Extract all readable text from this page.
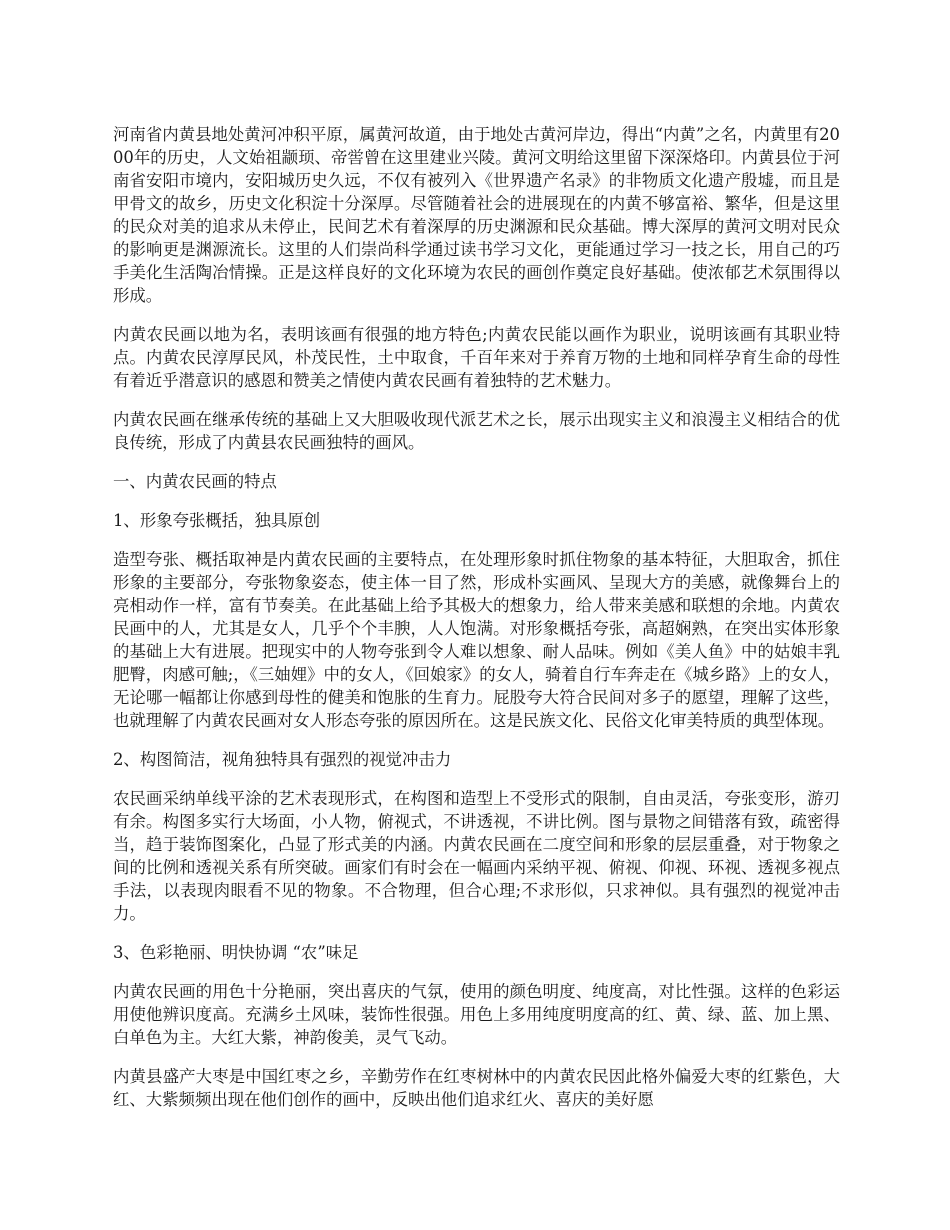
河南省内黄县地处黄河冲积平原，属黄河故道，由于地处古黄河岸边，得出“内黄”之名，内黄里有2000年的历史，人文始祖颛顼、帝喾曾在这里建业兴陵。黄河文明给这里留下深深烙印。内黄县位于河南省安阳市境内，安阳城历史久远，不仅有被列入《世界遗产名录》的非物质文化遗产殷墟，而且是甲骨文的故乡，历史文化积淀十分深厚。尽管随着社会的进展现在的内黄不够富裕、繁华，但是这里的民众对美的追求从未停止，民间艺术有着深厚的历史渊源和民众基础。博大深厚的黄河文明对民众的影响更是渊源流长。这里的人们崇尚科学通过读书学习文化，更能通过学习一技之长，用自己的巧手美化生活陶冶情操。正是这样良好的文化环境为农民的画创作奠定良好基础。使浓郁艺术氛围得以形成。

内黄农民画以地为名，表明该画有很强的地方特色;内黄农民能以画作为职业，说明该画有其职业特点。内黄农民淳厚民风，朴茂民性，土中取食，千百年来对于养育万物的土地和同样孕育生命的母性有着近乎潜意识的感恩和赞美之情使内黄农民画有着独特的艺术魅力。

内黄农民画在继承传统的基础上又大胆吸收现代派艺术之长，展示出现实主义和浪漫主义相结合的优良传统，形成了内黄县农民画独特的画风。

一、内黄农民画的特点

1、形象夸张概括，独具原创

造型夸张、概括取神是内黄农民画的主要特点，在处理形象时抓住物象的基本特征，大胆取舍，抓住形象的主要部分，夸张物象姿态，使主体一目了然，形成朴实画风、呈现大方的美感，就像舞台上的亮相动作一样，富有节奏美。在此基础上给予其极大的想象力，给人带来美感和联想的余地。内黄农民画中的人，尤其是女人，几乎个个丰腴，人人饱满。对形象概括夸张，高超娴熟，在突出实体形象的基础上大有进展。把现实中的人物夸张到令人难以想象、耐人品味。例如《美人鱼》中的姑娘丰乳肥臀，肉感可触;，《三妯娌》中的女人，《回娘家》的女人，骑着自行车奔走在《城乡路》上的女人，无论哪一幅都让你感到母性的健美和饱胀的生育力。屁股夸大符合民间对多子的愿望，理解了这些，也就理解了内黄农民画对女人形态夸张的原因所在。这是民族文化、民俗文化审美特质的典型体现。

2、构图简洁，视角独特具有强烈的视觉冲击力

农民画采纳单线平涂的艺术表现形式，在构图和造型上不受形式的限制，自由灵活，夸张变形，游刃有余。构图多实行大场面，小人物，俯视式，不讲透视，不讲比例。图与景物之间错落有致，疏密得当，趋于装饰图案化，凸显了形式美的内涵。内黄农民画在二度空间和形象的层层重叠，对于物象之间的比例和透视关系有所突破。画家们有时会在一幅画内采纳平视、俯视、仰视、环视、透视多视点手法，以表现肉眼看不见的物象。不合物理，但合心理;不求形似，只求神似。具有强烈的视觉冲击力。

3、色彩艳丽、明快协调 “农”味足

内黄农民画的用色十分艳丽，突出喜庆的气氛，使用的颜色明度、纯度高，对比性强。这样的色彩运用使他辨识度高。充满乡土风味，装饰性很强。用色上多用纯度明度高的红、黄、绿、蓝、加上黑、白单色为主。大红大紫，神韵俊美，灵气飞动。

内黄县盛产大枣是中国红枣之乡，辛勤劳作在红枣树林中的内黄农民因此格外偏爱大枣的红紫色，大红、大紫频频出现在他们创作的画中，反映出他们追求红火、喜庆的美好愿
